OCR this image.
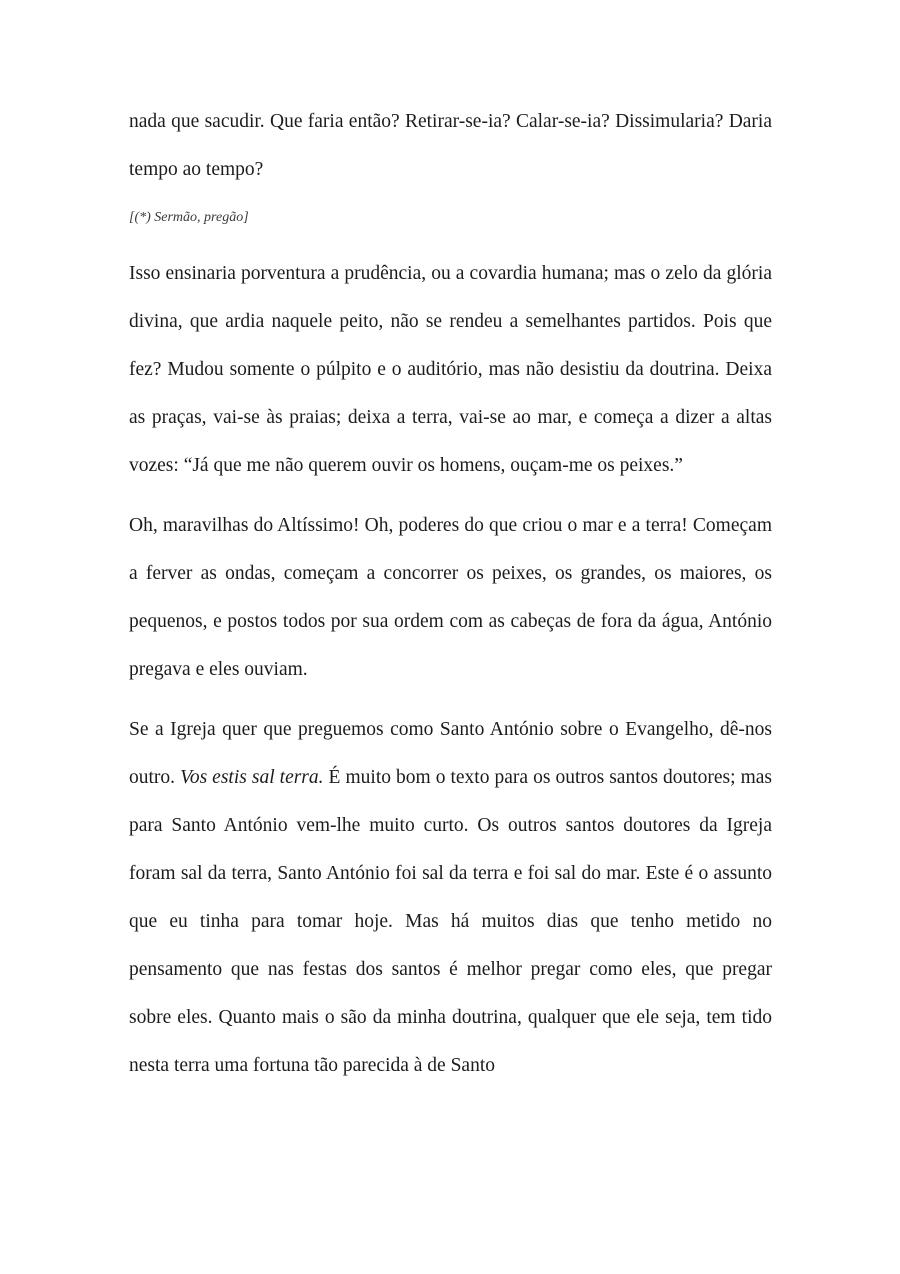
nada que sacudir. Que faria então? Retirar-se-ia? Calar-se-ia? Dissimularia? Daria tempo ao tempo?

[(*) Sermão, pregão]

Isso ensinaria porventura a prudência, ou a covardia humana; mas o zelo da glória divina, que ardia naquele peito, não se rendeu a semelhantes partidos. Pois que fez? Mudou somente o púlpito e o auditório, mas não desistiu da doutrina. Deixa as praças, vai-se às praias; deixa a terra, vai-se ao mar, e começa a dizer a altas vozes: “Já que me não querem ouvir os homens, ouçam-me os peixes.”

Oh, maravilhas do Altíssimo! Oh, poderes do que criou o mar e a terra! Começam a ferver as ondas, começam a concorrer os peixes, os grandes, os maiores, os pequenos, e postos todos por sua ordem com as cabeças de fora da água, António pregava e eles ouviam.

Se a Igreja quer que preguemos como Santo António sobre o Evangelho, dê-nos outro. Vos estis sal terra. É muito bom o texto para os outros santos doutores; mas para Santo António vem-lhe muito curto. Os outros santos doutores da Igreja foram sal da terra, Santo António foi sal da terra e foi sal do mar. Este é o assunto que eu tinha para tomar hoje. Mas há muitos dias que tenho metido no pensamento que nas festas dos santos é melhor pregar como eles, que pregar sobre eles. Quanto mais o são da minha doutrina, qualquer que ele seja, tem tido nesta terra uma fortuna tão parecida à de Santo
